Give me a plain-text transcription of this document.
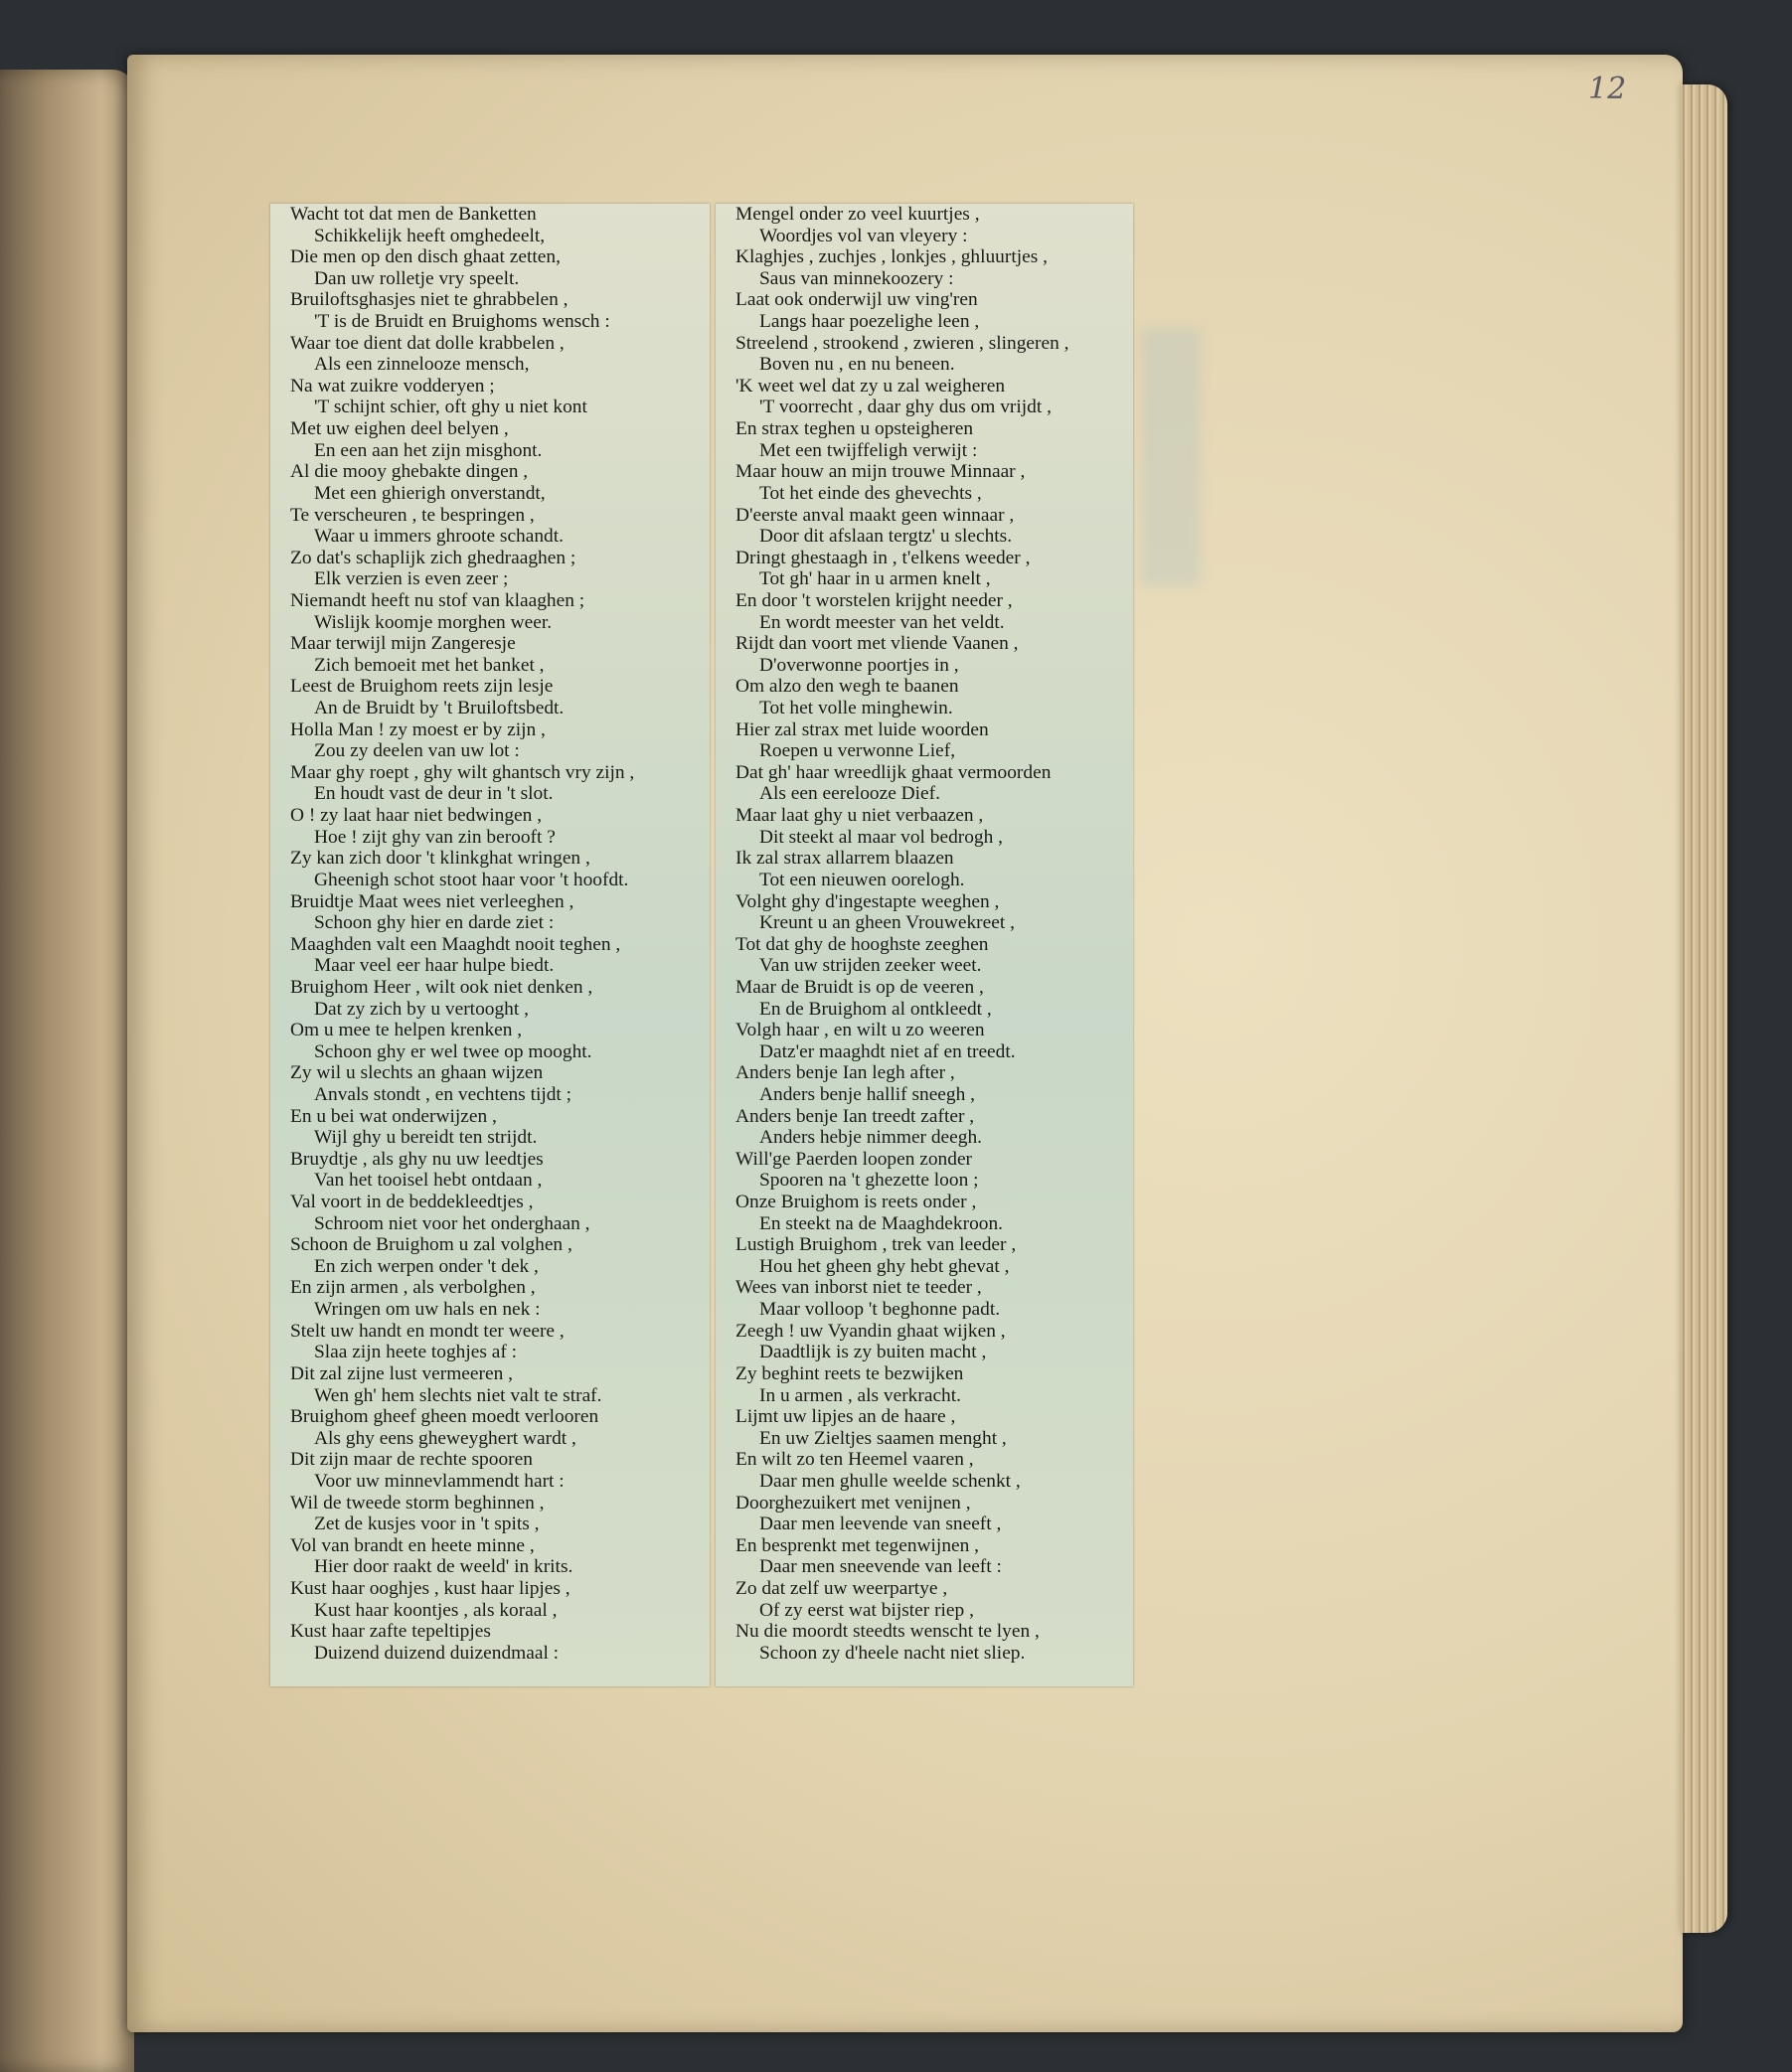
12
Wacht tot dat men de Banketten
Schikkelijk heeft omghedeelt,
Die men op den disch ghaat zetten,
Dan uw rolletje vry speelt.
Bruiloftsghasjes niet te ghrabbelen ,
'T is de Bruidt en Bruighoms wensch :
Waar toe dient dat dolle krabbelen ,
Als een zinnelooze mensch,
Na wat zuikre vodderyen ;
'T schijnt schier, oft ghy u niet kont
Met uw eighen deel belyen ,
En een aan het zijn misghont.
Al die mooy ghebakte dingen ,
Met een ghierigh onverstandt,
Te verscheuren , te bespringen ,
Waar u immers ghroote schandt.
Zo dat's schaplijk zich ghedraaghen ;
Elk verzien is even zeer ;
Niemandt heeft nu stof van klaaghen ;
Wislijk koomje morghen weer.
Maar terwijl mijn Zangeresje
Zich bemoeit met het banket ,
Leest de Bruighom reets zijn lesje
An de Bruidt by 't Bruiloftsbedt.
Holla Man ! zy moest er by zijn ,
Zou zy deelen van uw lot :
Maar ghy roept , ghy wilt ghantsch vry zijn ,
En houdt vast de deur in 't slot.
O ! zy laat haar niet bedwingen ,
Hoe ! zijt ghy van zin berooft ?
Zy kan zich door 't klinkghat wringen ,
Gheenigh schot stoot haar voor 't hoofdt.
Bruidtje Maat wees niet verleeghen ,
Schoon ghy hier en darde ziet :
Maaghden valt een Maaghdt nooit teghen ,
Maar veel eer haar hulpe biedt.
Bruighom Heer , wilt ook niet denken ,
Dat zy zich by u vertooght ,
Om u mee te helpen krenken ,
Schoon ghy er wel twee op mooght.
Zy wil u slechts an ghaan wijzen
Anvals stondt , en vechtens tijdt ;
En u bei wat onderwijzen ,
Wijl ghy u bereidt ten strijdt.
Bruydtje , als ghy nu uw leedtjes
Van het tooisel hebt ontdaan ,
Val voort in de beddekleedtjes ,
Schroom niet voor het onderghaan ,
Schoon de Bruighom u zal volghen ,
En zich werpen onder 't dek ,
En zijn armen , als verbolghen ,
Wringen om uw hals en nek :
Stelt uw handt en mondt ter weere ,
Slaa zijn heete toghjes af :
Dit zal zijne lust vermeeren ,
Wen gh' hem slechts niet valt te straf.
Bruighom gheef gheen moedt verlooren
Als ghy eens gheweyghert wardt ,
Dit zijn maar de rechte spooren
Voor uw minnevlammendt hart :
Wil de tweede storm beghinnen ,
Zet de kusjes voor in 't spits ,
Vol van brandt en heete minne ,
Hier door raakt de weeld' in krits.
Kust haar ooghjes , kust haar lipjes ,
Kust haar koontjes , als koraal ,
Kust haar zafte tepeltipjes
Duizend duizend duizendmaal :
Mengel onder zo veel kuurtjes ,
Woordjes vol van vleyery :
Klaghjes , zuchjes , lonkjes , ghluurtjes ,
Saus van minnekoozery :
Laat ook onderwijl uw ving'ren
Langs haar poezelighe leen ,
Streelend , strookend , zwieren , slingeren ,
Boven nu , en nu beneen.
'K weet wel dat zy u zal weigheren
'T voorrecht , daar ghy dus om vrijdt ,
En strax teghen u opsteigheren
Met een twijffeligh verwijt :
Maar houw an mijn trouwe Minnaar ,
Tot het einde des ghevechts ,
D'eerste anval maakt geen winnaar ,
Door dit afslaan tergtz' u slechts.
Dringt ghestaagh in , t'elkens weeder ,
Tot gh' haar in u armen knelt ,
En door 't worstelen krijght needer ,
En wordt meester van het veldt.
Rijdt dan voort met vliende Vaanen ,
D'overwonne poortjes in ,
Om alzo den wegh te baanen
Tot het volle minghewin.
Hier zal strax met luide woorden
Roepen u verwonne Lief,
Dat gh' haar wreedlijk ghaat vermoorden
Als een eerelooze Dief.
Maar laat ghy u niet verbaazen ,
Dit steekt al maar vol bedrogh ,
Ik zal strax allarrem blaazen
Tot een nieuwen oorelogh.
Volght ghy d'ingestapte weeghen ,
Kreunt u an gheen Vrouwekreet ,
Tot dat ghy de hooghste zeeghen
Van uw strijden zeeker weet.
Maar de Bruidt is op de veeren ,
En de Bruighom al ontkleedt ,
Volgh haar , en wilt u zo weeren
Datz'er maaghdt niet af en treedt.
Anders benje Ian legh after ,
Anders benje hallif sneegh ,
Anders benje Ian treedt zafter ,
Anders hebje nimmer deegh.
Will'ge Paerden loopen zonder
Spooren na 't ghezette loon ;
Onze Bruighom is reets onder ,
En steekt na de Maaghdekroon.
Lustigh Bruighom , trek van leeder ,
Hou het gheen ghy hebt ghevat ,
Wees van inborst niet te teeder ,
Maar volloop 't beghonne padt.
Zeegh ! uw Vyandin ghaat wijken ,
Daadtlijk is zy buiten macht ,
Zy beghint reets te bezwijken
In u armen , als verkracht.
Lijmt uw lipjes an de haare ,
En uw Zieltjes saamen menght ,
En wilt zo ten Heemel vaaren ,
Daar men ghulle weelde schenkt ,
Doorghezuikert met venijnen ,
Daar men leevende van sneeft ,
En besprenkt met tegenwijnen ,
Daar men sneevende van leeft :
Zo dat zelf uw weerpartye ,
Of zy eerst wat bijster riep ,
Nu die moordt steedts wenscht te lyen ,
Schoon zy d'heele nacht niet sliep.
